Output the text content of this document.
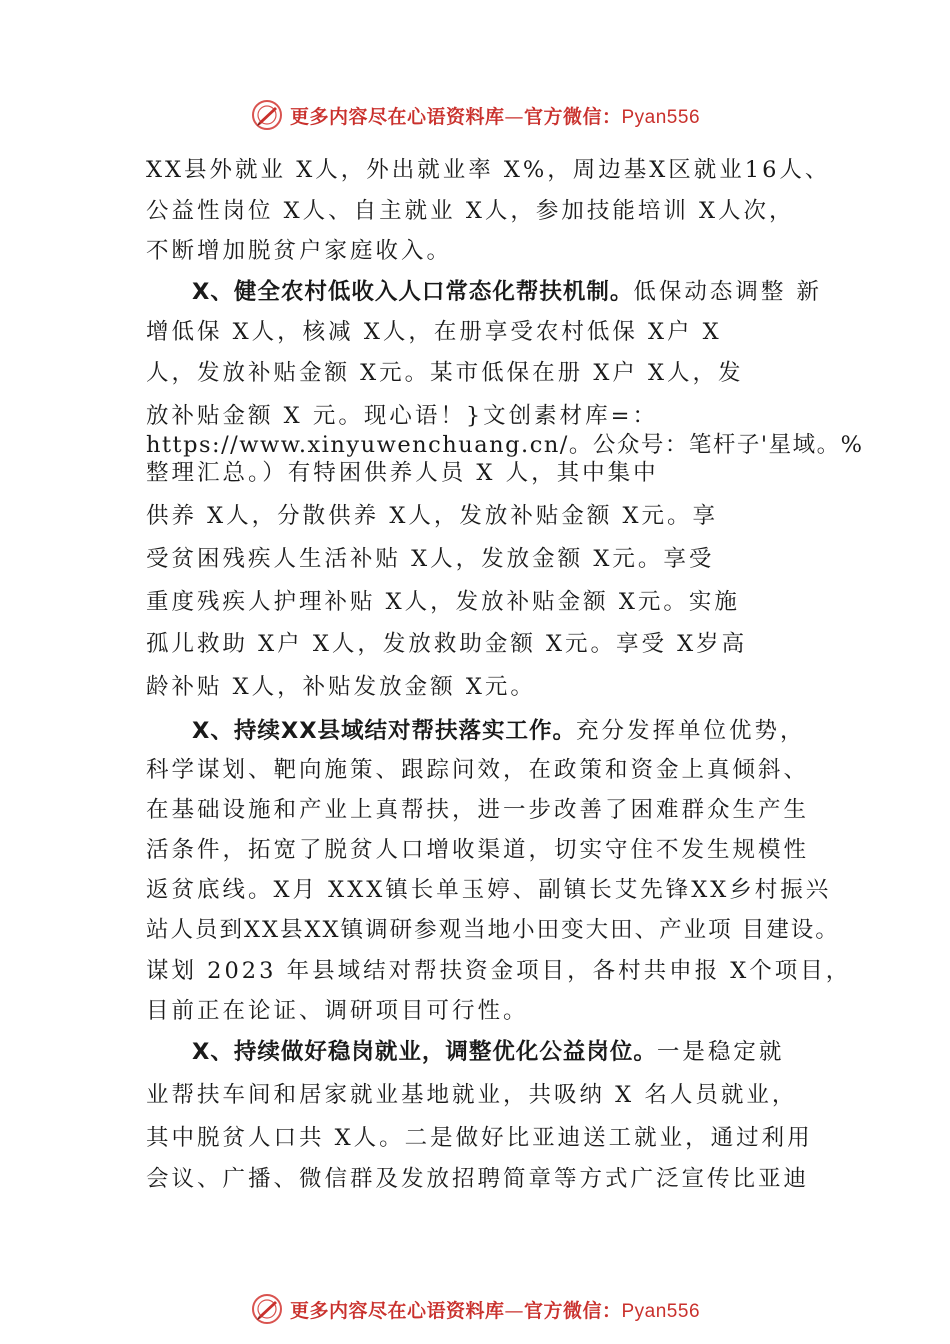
更多内容尽在心语资料库—官方微信：Pyan556
XX县外就业 X人，外出就业率 X%，周边基X区就业16人、
公益性岗位 X人、自主就业 X人，参加技能培训 X人次，
不断增加脱贫户家庭收入。
X、健全农村低收入人口常态化帮扶机制。低保动态调整 新
增低保 X人，核减 X人，在册享受农村低保 X户 X
人，发放补贴金额 X元。某市低保在册 X户 X人，发
放补贴金额 X 元。现心语！}文创素材库=：
https://www.xinyuwenchuang.cn/。公众号：笔杆子'星域。%
整理汇总。）有特困供养人员 X 人，其中集中
供养 X人，分散供养 X人，发放补贴金额 X元。享
受贫困残疾人生活补贴 X人，发放金额 X元。享受
重度残疾人护理补贴 X人，发放补贴金额 X元。实施
孤儿救助 X户 X人，发放救助金额 X元。享受 X岁高
龄补贴 X人，补贴发放金额 X元。
X、持续XX县域结对帮扶落实工作。充分发挥单位优势，
科学谋划、靶向施策、跟踪问效，在政策和资金上真倾斜、
在基础设施和产业上真帮扶，进一步改善了困难群众生产生
活条件，拓宽了脱贫人口增收渠道，切实守住不发生规模性
返贫底线。X月 XXX镇长单玉婷、副镇长艾先锋XX乡村振兴
站人员到XX县XX镇调研参观当地小田变大田、产业项 目建设。
谋划 2023 年县域结对帮扶资金项目，各村共申报 X个项目，
目前正在论证、调研项目可行性。
X、持续做好稳岗就业，调整优化公益岗位。一是稳定就
业帮扶车间和居家就业基地就业，共吸纳 X 名人员就业，
其中脱贫人口共 X人。二是做好比亚迪送工就业，通过利用
会议、广播、微信群及发放招聘简章等方式广泛宣传比亚迪
更多内容尽在心语资料库—官方微信：Pyan556
